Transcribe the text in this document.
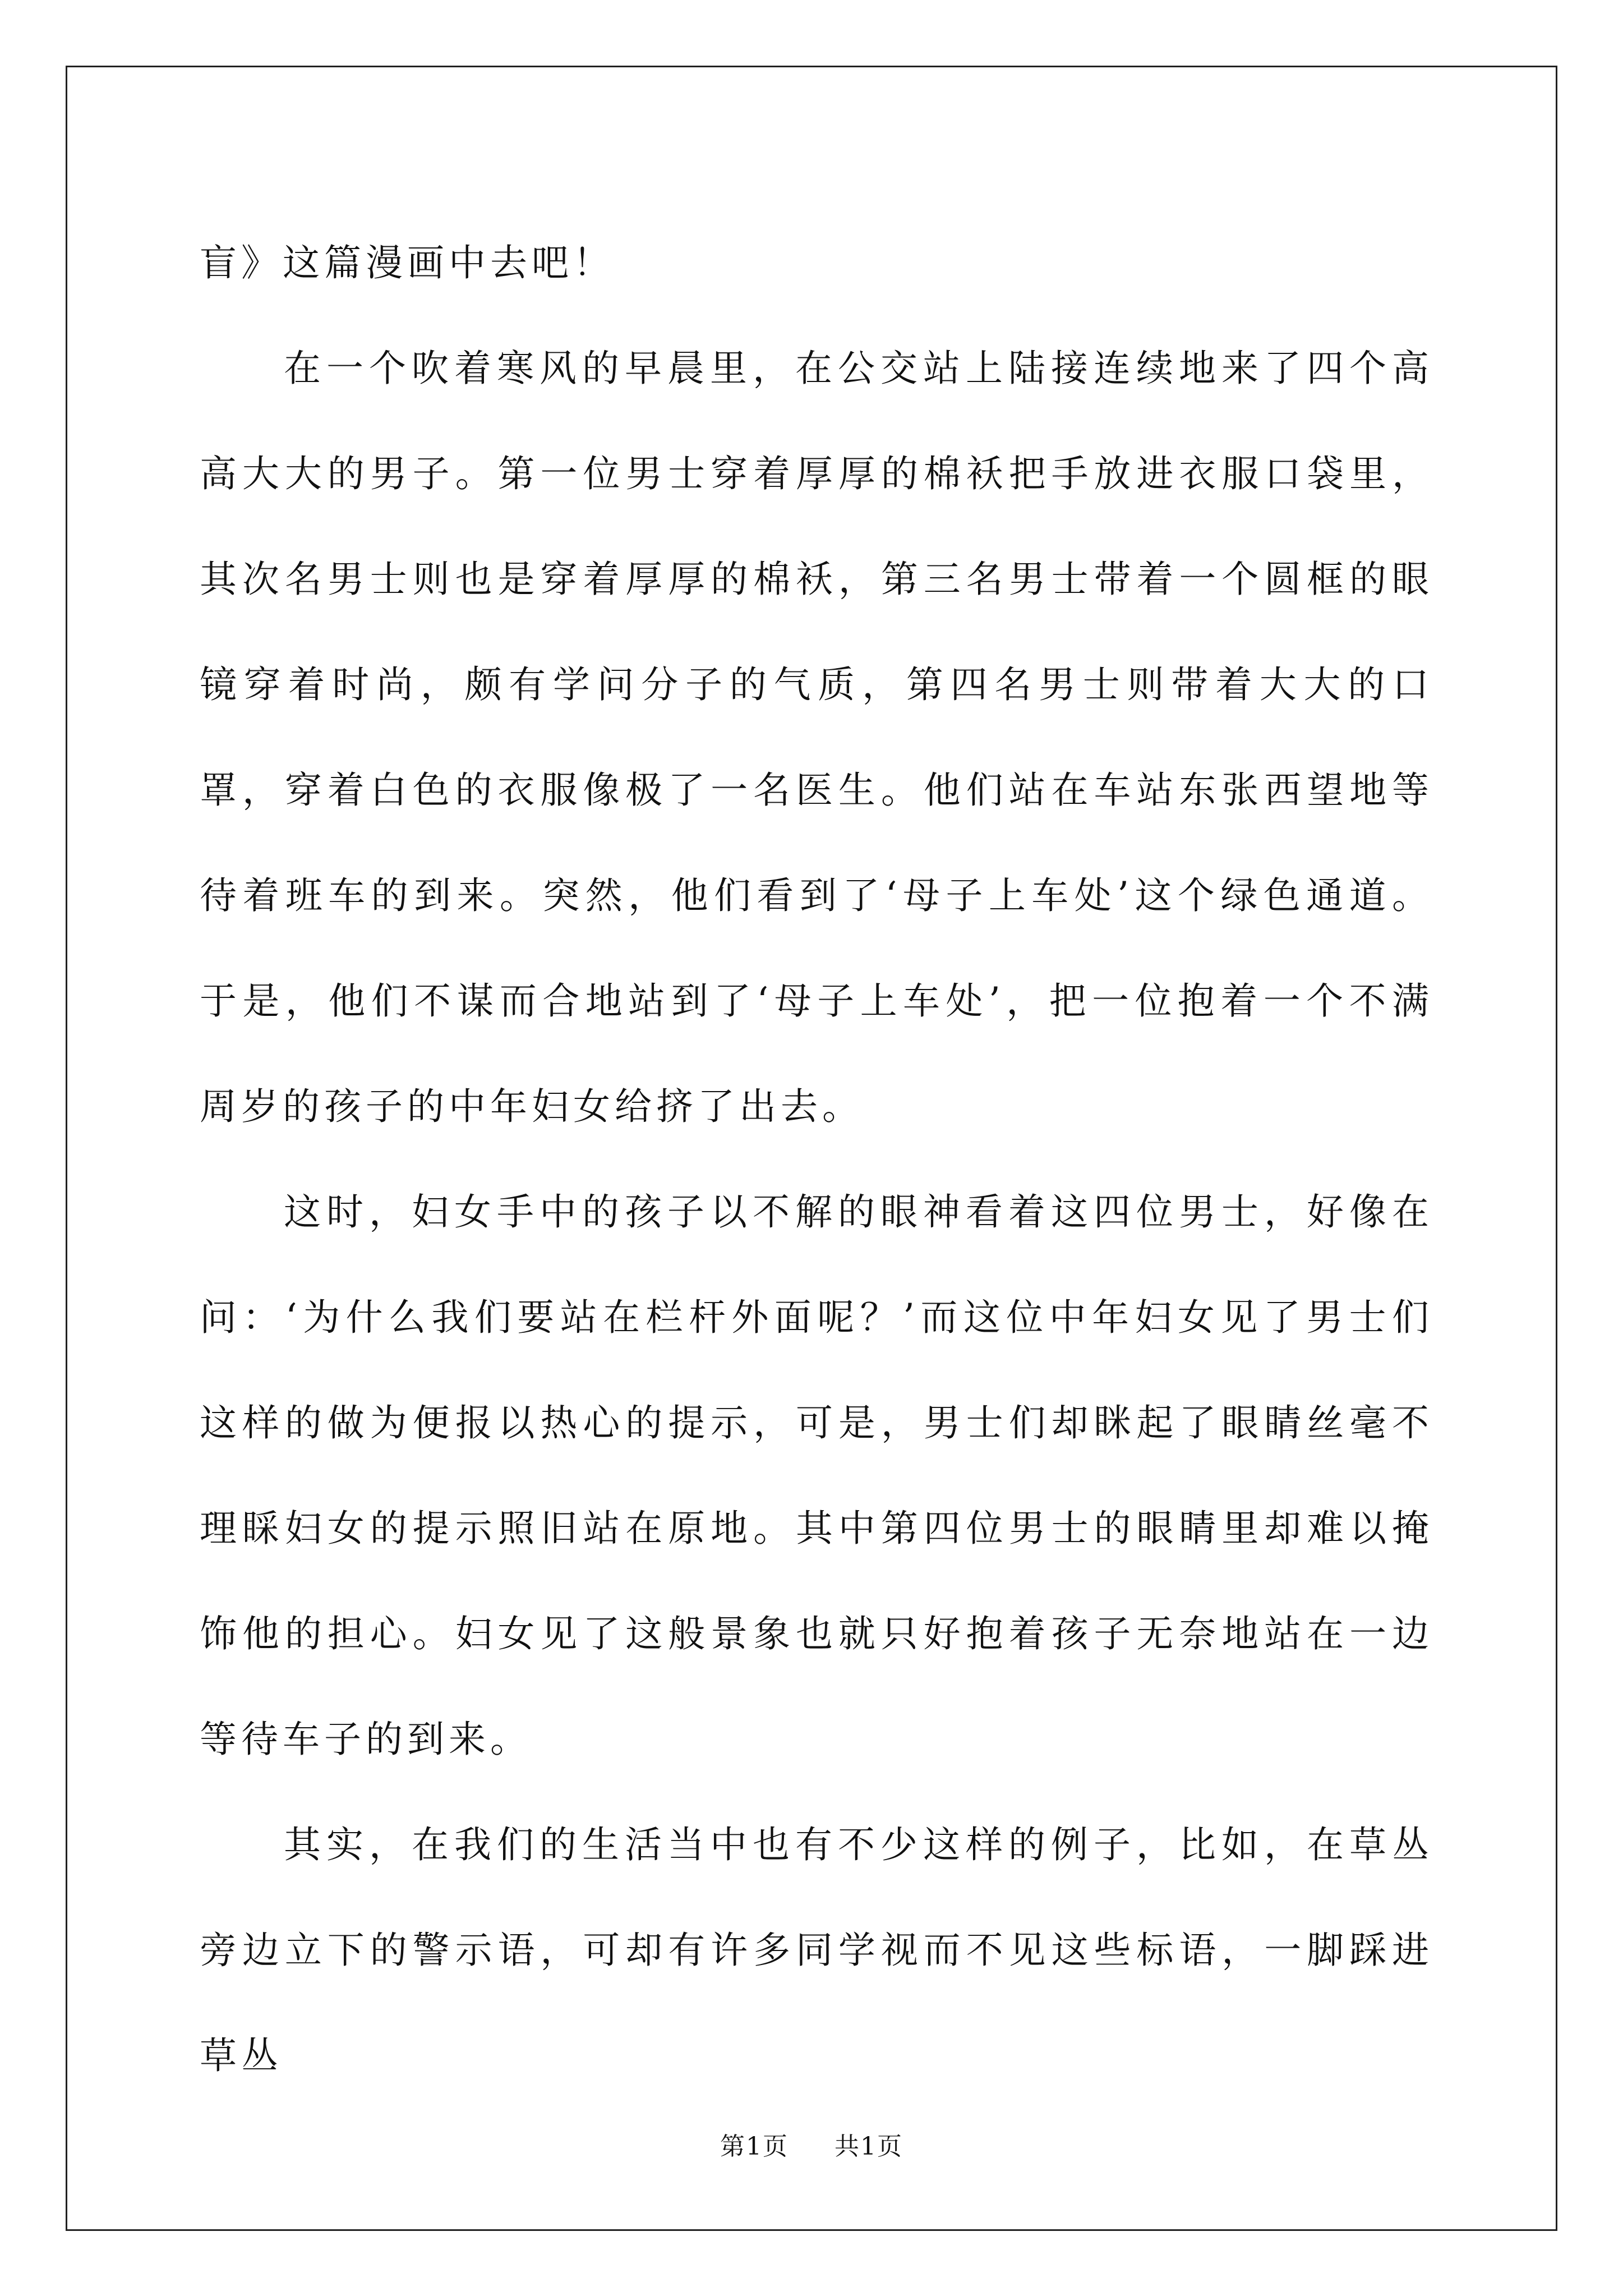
盲》这篇漫画中去吧！

在一个吹着寒风的早晨里，在公交站上陆接连续地来了四个高高大大的男子。第一位男士穿着厚厚的棉袄把手放进衣服口袋里，其次名男士则也是穿着厚厚的棉袄，第三名男士带着一个圆框的眼镜穿着时尚，颇有学问分子的气质，第四名男士则带着大大的口罩，穿着白色的衣服像极了一名医生。他们站在车站东张西望地等待着班车的到来。突然，他们看到了‘母子上车处’这个绿色通道。于是，他们不谋而合地站到了‘母子上车处’，把一位抱着一个不满周岁的孩子的中年妇女给挤了出去。

这时，妇女手中的孩子以不解的眼神看着这四位男士，好像在问：‘为什么我们要站在栏杆外面呢？’而这位中年妇女见了男士们这样的做为便报以热心的提示，可是，男士们却眯起了眼睛丝毫不理睬妇女的提示照旧站在原地。其中第四位男士的眼睛里却难以掩饰他的担心。妇女见了这般景象也就只好抱着孩子无奈地站在一边等待车子的到来。

其实，在我们的生活当中也有不少这样的例子，比如，在草丛旁边立下的警示语，可却有许多同学视而不见这些标语，一脚踩进草丛

第1页 共1页
